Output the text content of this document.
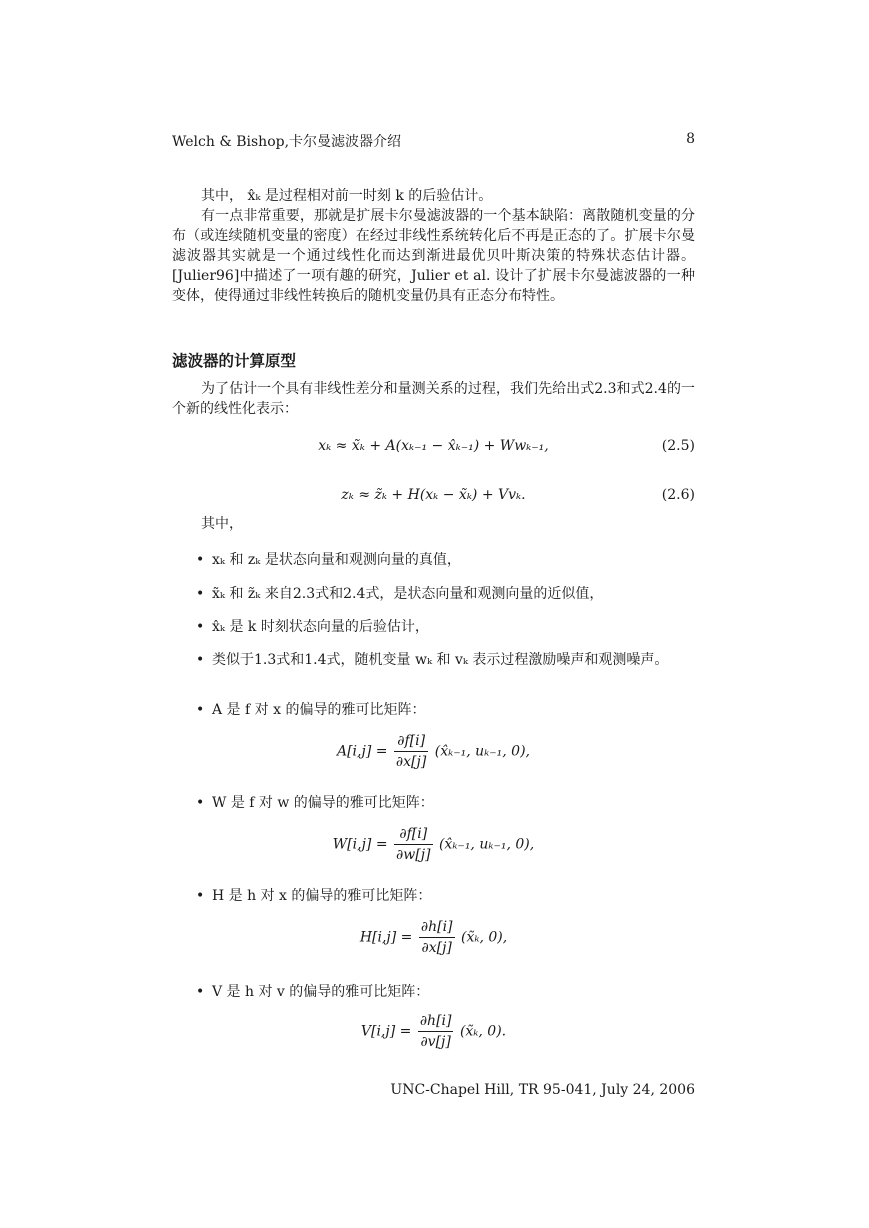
Welch & Bishop,卡尔曼滤波器介绍	8
其中， x̂ₖ 是过程相对前一时刻 k 的后验估计。
有一点非常重要，那就是扩展卡尔曼滤波器的一个基本缺陷：离散随机变量的分布（或连续随机变量的密度）在经过非线性系统转化后不再是正态的了。扩展卡尔曼滤波器其实就是一个通过线性化而达到渐进最优贝叶斯决策的特殊状态估计器。[Julier96]中描述了一项有趣的研究，Julier et al. 设计了扩展卡尔曼滤波器的一种变体，使得通过非线性转换后的随机变量仍具有正态分布特性。
滤波器的计算原型
为了估计一个具有非线性差分和量测关系的过程，我们先给出式2.3和式2.4的一个新的线性化表示：
xₖ ≈ x̃ₖ + A(xₖ₋₁ − x̂ₖ₋₁) + Wwₖ₋₁,	(2.5)
zₖ ≈ z̃ₖ + H(xₖ − x̃ₖ) + Vvₖ.	(2.6)
其中，
• xₖ 和 zₖ 是状态向量和观测向量的真值，
• x̃ₖ 和 z̃ₖ 来自2.3式和2.4式，是状态向量和观测向量的近似值，
• x̂ₖ 是 k 时刻状态向量的后验估计，
• 类似于1.3式和1.4式，随机变量 wₖ 和 vₖ 表示过程激励噪声和观测噪声。
• A 是 f 对 x 的偏导的雅可比矩阵：
$A[i,j] = \frac{\partial f[i]}{\partial x[j]}$ (x̂ₖ₋₁, uₖ₋₁, 0),
• W 是 f 对 w 的偏导的雅可比矩阵：
$W[i,j] = \frac{\partial f[i]}{\partial w[j]}$ (x̂ₖ₋₁, uₖ₋₁, 0),
• H 是 h 对 x 的偏导的雅可比矩阵：
$H[i,j] = \frac{\partial h[i]}{\partial x[j]}$ (x̃ₖ, 0),
• V 是 h 对 v 的偏导的雅可比矩阵：
$V[i,j] = \frac{\partial h[i]}{\partial v[j]}$ (x̃ₖ, 0).
UNC-Chapel Hill, TR 95-041, July 24, 2006
